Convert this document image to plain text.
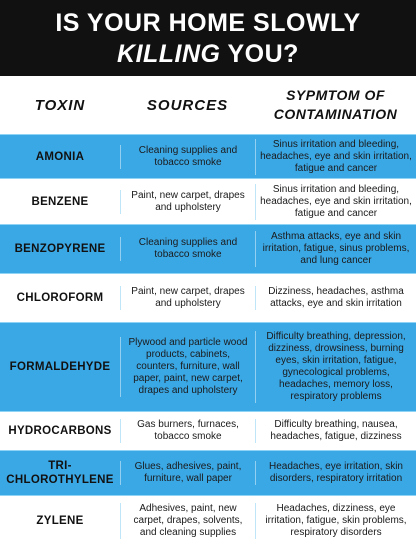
IS YOUR HOME SLOWLY
KILLING YOU?
TOXIN	SOURCES
SYPMTOM OF CONTAMINATION
AMONIA
Cleaning supplies and tobacco smoke
Sinus irritation and bleeding, headaches, eye and skin irritation, fatigue and cancer
BENZENE
Paint, new carpet, drapes and upholstery
Sinus irritation and bleeding, headaches, eye and skin irritation, fatigue and cancer
BENZOPYRENE
Cleaning supplies and tobacco smoke
Asthma attacks, eye and skin irritation, fatigue, sinus problems, and lung cancer
CHLOROFORM
Paint, new carpet, drapes and upholstery
Dizziness, headaches, asthma attacks, eye and skin irritation
FORMALDEHYDE
Plywood and particle wood products, cabinets, counters, furniture, wall paper, paint, new carpet, drapes and upholstery
Difficulty breathing, depression, dizziness, drowsiness, burning eyes, skin irritation, fatigue, gynecological problems, headaches, memory loss, respiratory problems
HYDROCARBONS
Gas burners, furnaces, tobacco smoke
Difficulty breathing, nausea, headaches, fatigue, dizziness
TRI-
CHLOROTHYLENE
Glues, adhesives, paint, furniture, wall paper
Headaches, eye irritation, skin disorders, respiratory irritation
ZYLENE
Adhesives, paint, new carpet, drapes, solvents, and cleaning supplies
Headaches, dizziness, eye irritation, fatigue, skin problems, respiratory disorders
